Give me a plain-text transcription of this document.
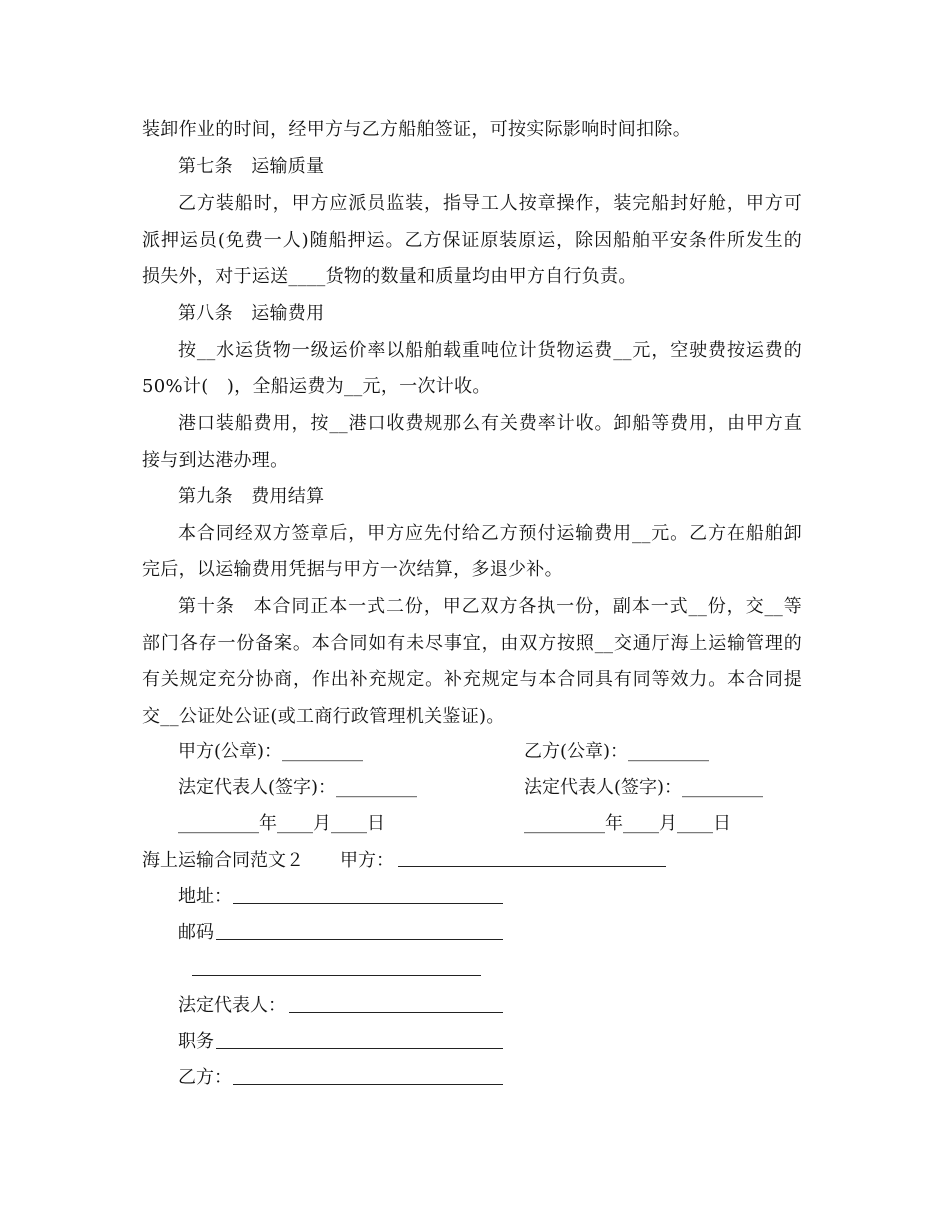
装卸作业的时间，经甲方与乙方船舶签证，可按实际影响时间扣除。
第七条　运输质量
乙方装船时，甲方应派员监装，指导工人按章操作，装完船封好舱，甲方可
派押运员(免费一人)随船押运。乙方保证原装原运，除因船舶平安条件所发生的
损失外，对于运送____货物的数量和质量均由甲方自行负责。
第八条　运输费用
按__水运货物一级运价率以船舶载重吨位计货物运费__元，空驶费按运费的
50%计(　)，全船运费为__元，一次计收。
港口装船费用，按__港口收费规那么有关费率计收。卸船等费用，由甲方直
接与到达港办理。
第九条　费用结算
本合同经双方签章后，甲方应先付给乙方预付运输费用__元。乙方在船舶卸
完后，以运输费用凭据与甲方一次结算，多退少补。
第十条　本合同正本一式二份，甲乙双方各执一份，副本一式__份，交__等
部门各存一份备案。本合同如有未尽事宜，由双方按照__交通厅海上运输管理的
有关规定充分协商，作出补充规定。补充规定与本合同具有同等效力。本合同提
交__公证处公证(或工商行政管理机关鉴证)。
甲方(公章)：_________	乙方(公章)：_________
法定代表人(签字)：_________	法定代表人(签字)：_________
_________年____月____日	_________年____月____日
海上运输合同范文２ 甲方：
地址：
邮码
法定代表人：
职务
乙方：
